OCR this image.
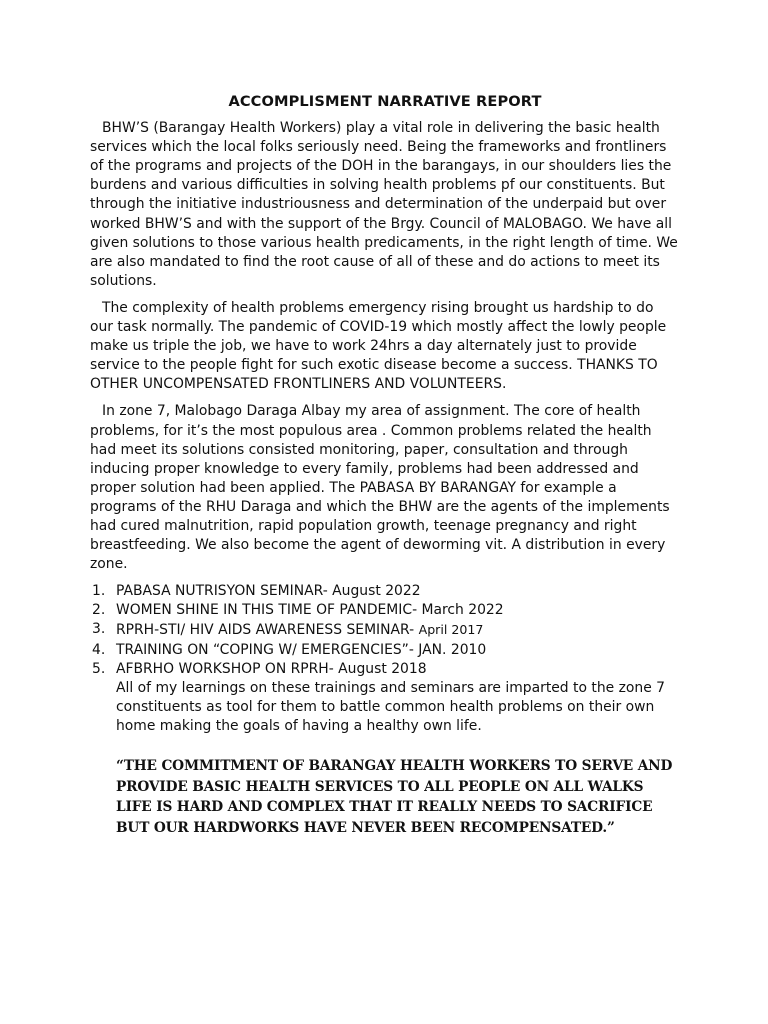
ACCOMPLISMENT NARRATIVE REPORT

BHW’S (Barangay Health Workers) play a vital role in delivering the basic health services which the local folks seriously need. Being the frameworks and frontliners of the programs and projects of the DOH in the barangays, in our shoulders lies the burdens and various difficulties in solving health problems pf our constituents. But through the initiative industriousness and determination of the underpaid but over worked BHW’S and with the support of the Brgy. Council of MALOBAGO. We have all given solutions to those various health predicaments, in the right length of time. We are also mandated to find the root cause of all of these and do actions to meet its solutions.

The complexity of health problems emergency rising brought us hardship to do our task normally. The pandemic of COVID-19 which mostly affect the lowly people make us triple the job, we have to work 24hrs a day alternately just to provide service to the people fight for such exotic disease become a success. THANKS TO OTHER UNCOMPENSATED FRONTLINERS AND VOLUNTEERS.

In zone 7, Malobago Daraga Albay my area of assignment. The core of health problems, for it’s the most populous area . Common problems related the health had meet its solutions consisted monitoring, paper, consultation and through inducing proper knowledge to every family, problems had been addressed and proper solution had been applied. The PABASA BY BARANGAY for example a programs of the RHU Daraga and which the BHW are the agents of the implements had cured malnutrition, rapid population growth, teenage pregnancy and right breastfeeding. We also become the agent of deworming vit. A distribution in every zone.

1. PABASA NUTRISYON SEMINAR- August 2022
2. WOMEN SHINE IN THIS TIME OF PANDEMIC- March 2022
3. RPRH-STI/ HIV AIDS AWARENESS SEMINAR- April 2017
4. TRAINING ON “COPING W/ EMERGENCIES”- JAN. 2010
5. AFBRHO WORKSHOP ON RPRH- August 2018

All of my learnings on these trainings and seminars are imparted to the zone 7 constituents as tool for them to battle common health problems on their own home making the goals of having a healthy own life.

“THE COMMITMENT OF BARANGAY HEALTH WORKERS TO SERVE AND PROVIDE BASIC HEALTH SERVICES TO ALL PEOPLE ON ALL WALKS LIFE IS HARD AND COMPLEX THAT IT REALLY NEEDS TO SACRIFICE BUT OUR HARDWORKS HAVE NEVER BEEN RECOMPENSATED.”
